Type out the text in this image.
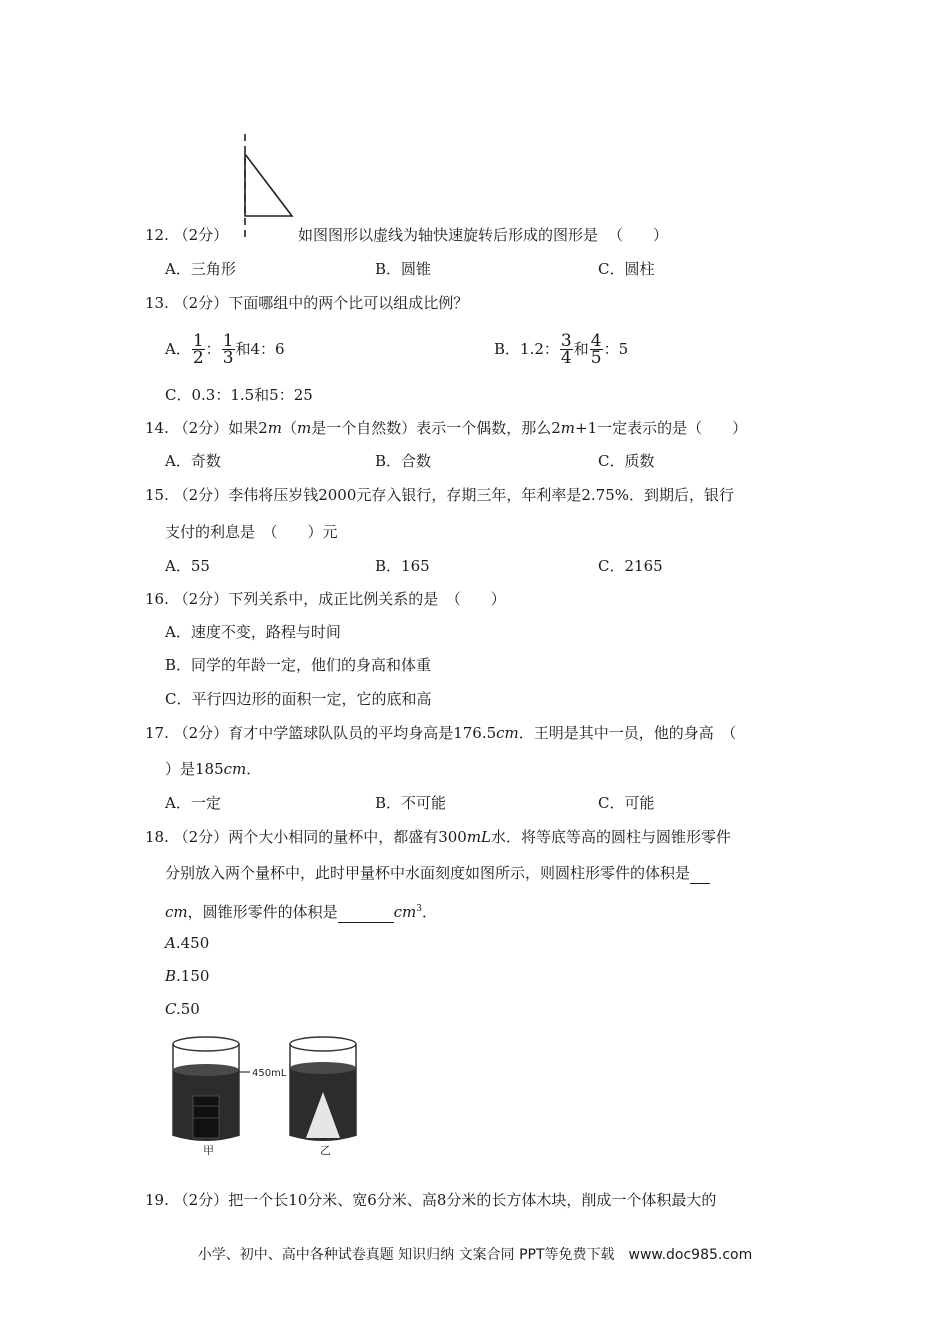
12. （2分）	如图图形以虚线为轴快速旋转后形成的图形是 （　　）
A．三角形	B．圆锥	C．圆柱
13. （2分）下面哪组中的两个比可以组成比例？
A． $\frac{1}{2}$ ： $\frac{1}{3}$ 和4：6	B．1.2： $\frac{3}{4}$ 和 $\frac{4}{5}$ ：5
C．0.3：1.5和5：25
14. （2分）如果2m（m是一个自然数）表示一个偶数，那么2m+1一定表示的是（　　）
A．奇数	B．合数	C．质数
15. （2分）李伟将压岁钱2000元存入银行，存期三年，年利率是2.75%．到期后，银行
支付的利息是　（　　）元
A．55	B．165	C．2165
16. （2分）下列关系中，成正比例关系的是　（　　）
A．速度不变，路程与时间
B．同学的年龄一定，他们的身高和体重
C．平行四边形的面积一定，它的底和高
17. （2分）育才中学篮球队队员的平均身高是176.5cm．王明是其中一员，他的身高　（
）是185cm．
A．一定	B．不可能	C．可能
18. （2分）两个大小相同的量杯中，都盛有300mL水．将等底等高的圆柱与圆锥形零件
分别放入两个量杯中，此时甲量杯中水面刻度如图所示，则圆柱形零件的体积是
cm，圆锥形零件的体积是	$cm^3$．
A.450
B.150
C.50
450mL
甲	乙
19. （2分）把一个长10分米、宽6分米、高8分米的长方体木块，削成一个体积最大的
小学、初中、高中各种试卷真题 知识归纳 文案合同 PPT等免费下载　www.doc985.com
